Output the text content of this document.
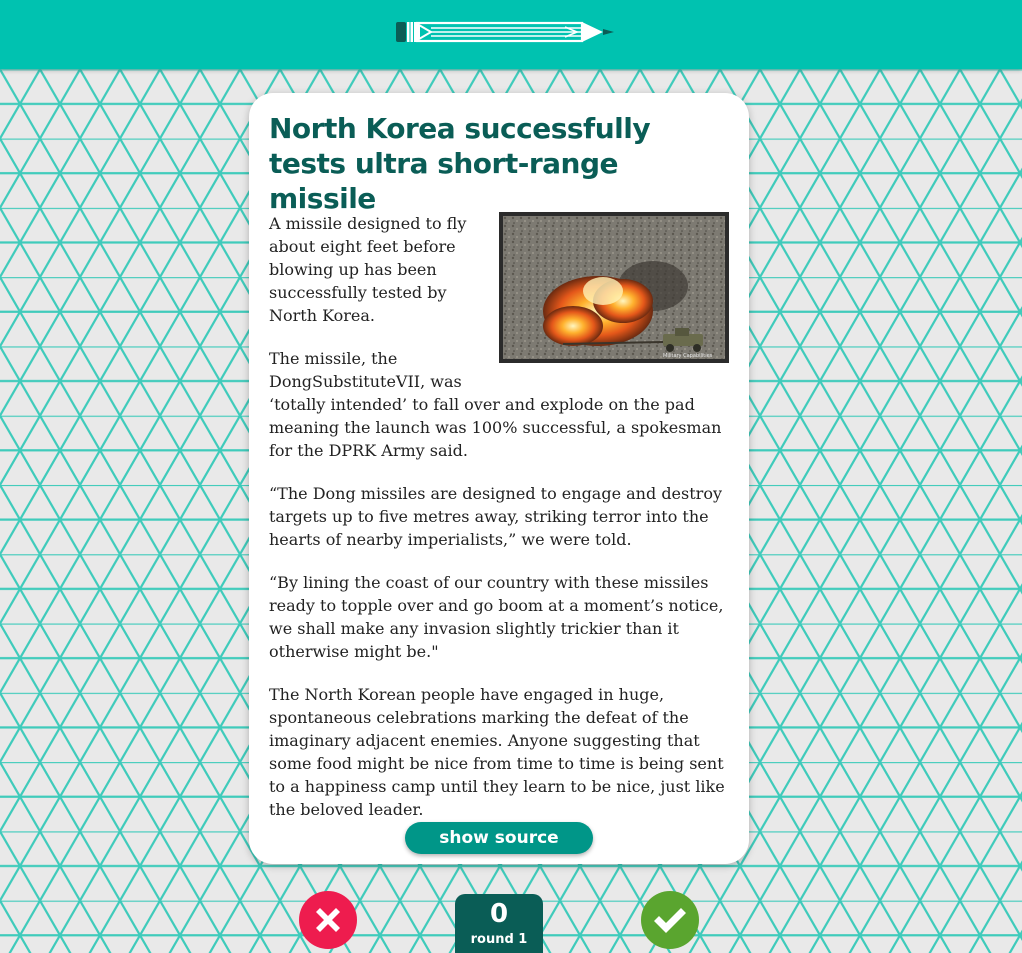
North Korea successfully tests ultra short-range missile
Military Capabilities

A missile designed to fly about eight feet before blowing up has been successfully tested by North Korea.

The missile, the DongSubstituteVII, was ‘totally intended’ to fall over and explode on the pad meaning the launch was 100% successful, a spokesman for the DPRK Army said.

“The Dong missiles are designed to engage and destroy targets up to five metres away, striking terror into the hearts of nearby imperialists,” we were told.

“By lining the coast of our country with these missiles ready to topple over and go boom at a moment’s notice, we shall make any invasion slightly trickier than it otherwise might be."

The North Korean people have engaged in huge, spontaneous celebrations marking the defeat of the imaginary adjacent enemies. Anyone suggesting that some food might be nice from time to time is being sent to a happiness camp until they learn to be nice, just like the beloved leader.

show source
0
round 1
